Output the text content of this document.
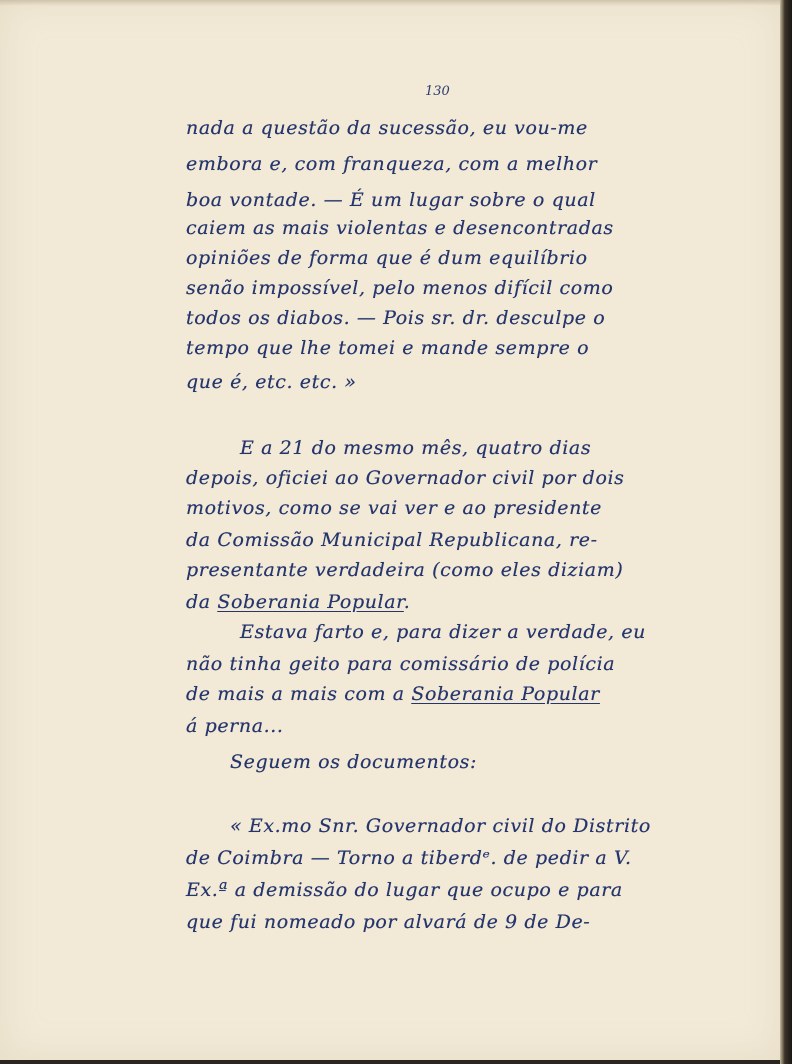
130
nada a questão da sucessão, eu vou-me
embora e, com franqueza, com a melhor
boa vontade. — É um lugar sobre o qual
caiem as mais violentas e desencontradas
opiniões de forma que é dum equilíbrio
senão impossível, pelo menos difícil como
todos os diabos. — Pois sr. dr. desculpe o
tempo que lhe tomei e mande sempre o
que é, etc. etc. »
E a 21 do mesmo mês, quatro dias
depois, oficiei ao Governador civil por dois
motivos, como se vai ver e ao presidente
da Comissão Municipal Republicana, re-
presentante verdadeira (como eles diziam)
da Soberania Popular.
Estava farto e, para dizer a verdade, eu
não tinha geito para comissário de polícia
de mais a mais com a Soberania Popular
á perna...
Seguem os documentos:
« Ex.mo Snr. Governador civil do Distrito
de Coimbra — Torno a tiberdᵉ. de pedir a V.
Ex.ª a demissão do lugar que ocupo e para
que fui nomeado por alvará de 9 de De-
